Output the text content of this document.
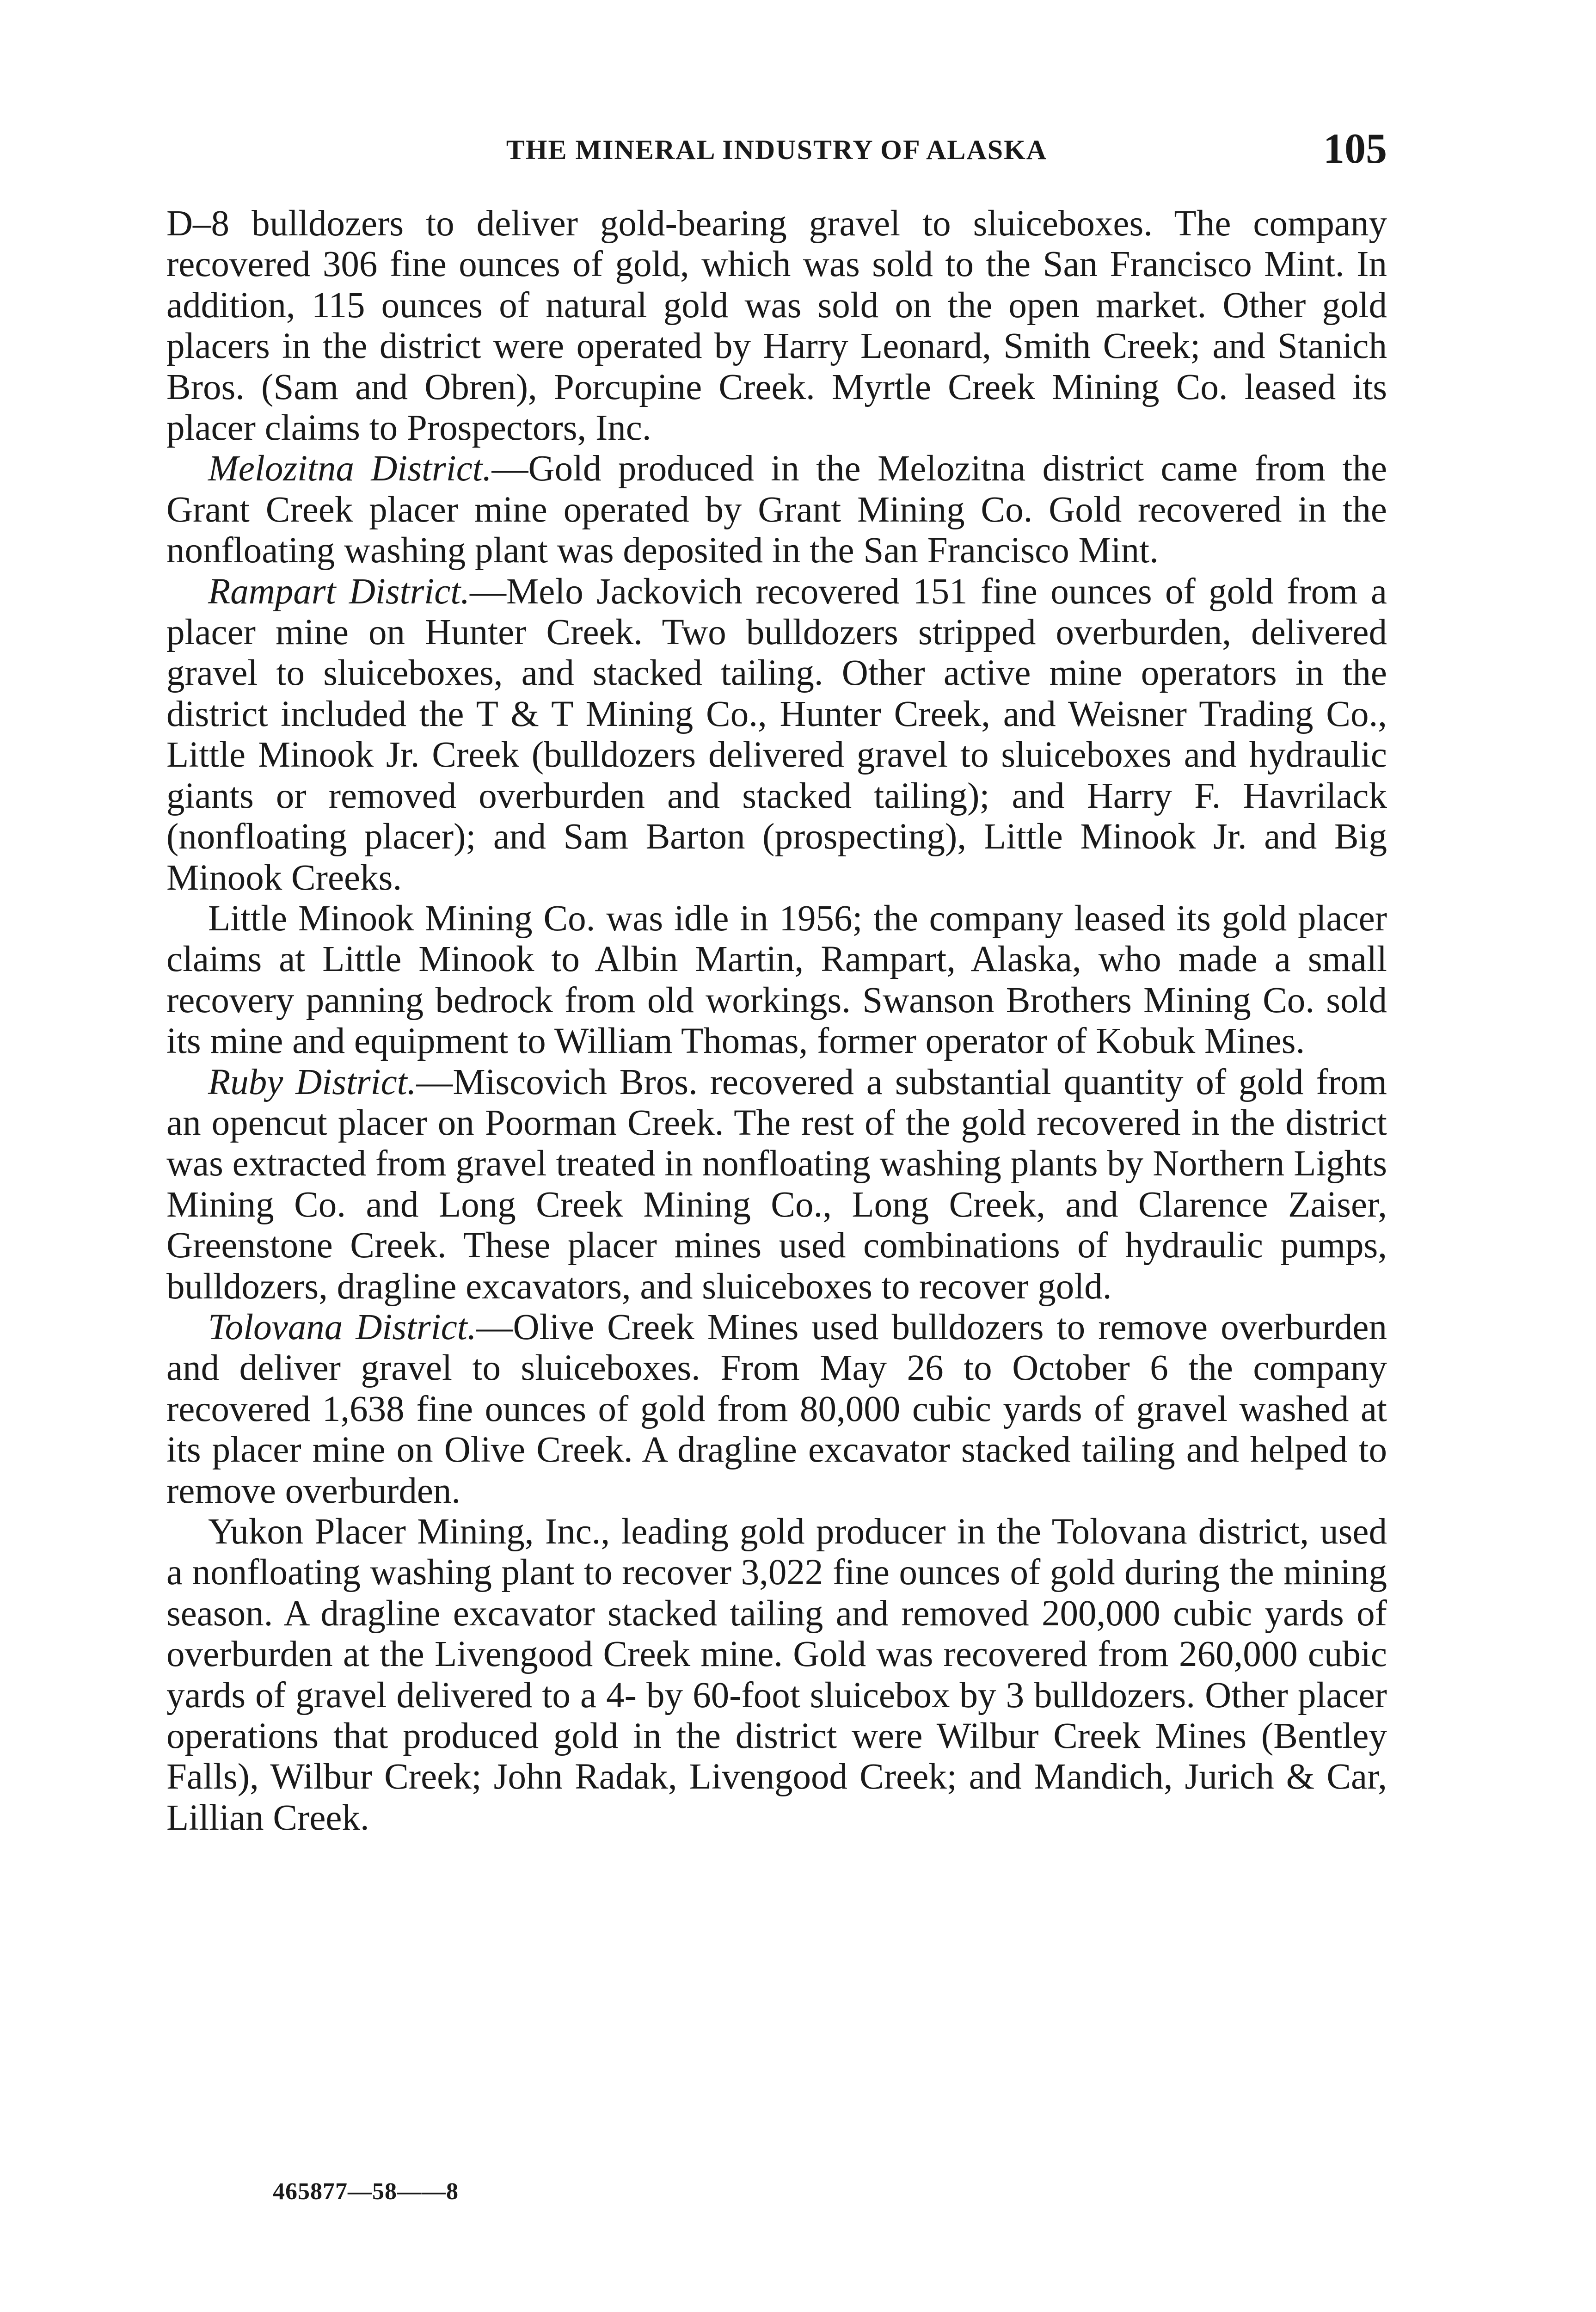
THE MINERAL INDUSTRY OF ALASKA	105

D–8 bulldozers to deliver gold-bearing gravel to sluiceboxes. The company recovered 306 fine ounces of gold, which was sold to the San Francisco Mint. In addition, 115 ounces of natural gold was sold on the open market. Other gold placers in the district were operated by Harry Leonard, Smith Creek; and Stanich Bros. (Sam and Obren), Porcupine Creek. Myrtle Creek Mining Co. leased its placer claims to Prospectors, Inc.

Melozitna District.—Gold produced in the Melozitna district came from the Grant Creek placer mine operated by Grant Mining Co. Gold recovered in the nonfloating washing plant was deposited in the San Francisco Mint.

Rampart District.—Melo Jackovich recovered 151 fine ounces of gold from a placer mine on Hunter Creek. Two bulldozers stripped overburden, delivered gravel to sluiceboxes, and stacked tailing. Other active mine operators in the district included the T & T Mining Co., Hunter Creek, and Weisner Trading Co., Little Minook Jr. Creek (bulldozers delivered gravel to sluiceboxes and hydraulic giants or removed overburden and stacked tailing); and Harry F. Havrilack (nonfloating placer); and Sam Barton (prospecting), Little Minook Jr. and Big Minook Creeks.

Little Minook Mining Co. was idle in 1956; the company leased its gold placer claims at Little Minook to Albin Martin, Rampart, Alaska, who made a small recovery panning bedrock from old workings. Swanson Brothers Mining Co. sold its mine and equipment to William Thomas, former operator of Kobuk Mines.

Ruby District.—Miscovich Bros. recovered a substantial quantity of gold from an opencut placer on Poorman Creek. The rest of the gold recovered in the district was extracted from gravel treated in nonfloating washing plants by Northern Lights Mining Co. and Long Creek Mining Co., Long Creek, and Clarence Zaiser, Greenstone Creek. These placer mines used combinations of hydraulic pumps, bulldozers, dragline excavators, and sluiceboxes to recover gold.

Tolovana District.—Olive Creek Mines used bulldozers to remove overburden and deliver gravel to sluiceboxes. From May 26 to October 6 the company recovered 1,638 fine ounces of gold from 80,000 cubic yards of gravel washed at its placer mine on Olive Creek. A dragline excavator stacked tailing and helped to remove overburden.

Yukon Placer Mining, Inc., leading gold producer in the Tolovana district, used a nonfloating washing plant to recover 3,022 fine ounces of gold during the mining season. A dragline excavator stacked tailing and removed 200,000 cubic yards of overburden at the Livengood Creek mine. Gold was recovered from 260,000 cubic yards of gravel delivered to a 4- by 60-foot sluicebox by 3 bulldozers. Other placer operations that produced gold in the district were Wilbur Creek Mines (Bentley Falls), Wilbur Creek; John Radak, Livengood Creek; and Mandich, Jurich & Car, Lillian Creek.

465877—58——8
